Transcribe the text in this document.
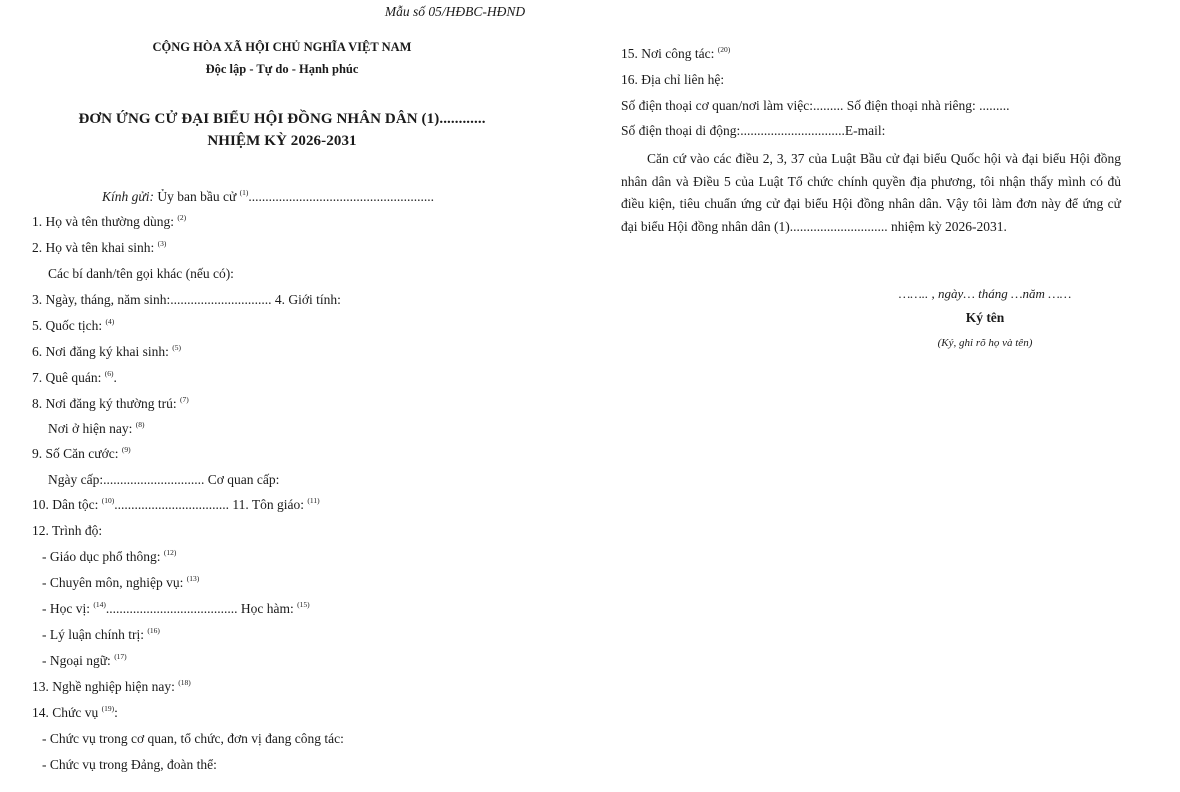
Mẫu số 05/HĐBC-HĐND
CỘNG HÒA XÃ HỘI CHỦ NGHĨA VIỆT NAM
Độc lập - Tự do - Hạnh phúc
ĐƠN ỨNG CỬ ĐẠI BIỂU HỘI ĐỒNG NHÂN DÂN (1)............
NHIỆM KỲ 2026-2031
Kính gửi: Ủy ban bầu cử $^{(1)}$.......................................................
1. Họ và tên thường dùng: $^{(2)}$
2. Họ và tên khai sinh: $^{(3)}$
Các bí danh/tên gọi khác (nếu có):
3. Ngày, tháng, năm sinh:.............................. 4. Giới tính:
5. Quốc tịch: $^{(4)}$
6. Nơi đăng ký khai sinh: $^{(5)}$
7. Quê quán: $^{(6)}$.
8. Nơi đăng ký thường trú: $^{(7)}$
Nơi ở hiện nay: $^{(8)}$
9. Số Căn cước: $^{(9)}$
Ngày cấp:.............................. Cơ quan cấp:
10. Dân tộc: $^{(10)}$.................................. 11. Tôn giáo: $^{(11)}$
12. Trình độ:
- Giáo dục phổ thông: $^{(12)}$
- Chuyên môn, nghiệp vụ: $^{(13)}$
- Học vị: $^{(14)}$....................................... Học hàm: $^{(15)}$
- Lý luận chính trị: $^{(16)}$
- Ngoại ngữ: $^{(17)}$
13. Nghề nghiệp hiện nay: $^{(18)}$
14. Chức vụ $^{(19)}$:
- Chức vụ trong cơ quan, tổ chức, đơn vị đang công tác:
- Chức vụ trong Đảng, đoàn thể:
15. Nơi công tác: $^{(20)}$
16. Địa chỉ liên hệ:
Số điện thoại cơ quan/nơi làm việc:......... Số điện thoại nhà riêng: .........
Số điện thoại di động:...............................E-mail:
Căn cứ vào các điều 2, 3, 37 của Luật Bầu cử đại biểu Quốc hội và đại biểu Hội đồng nhân dân và Điều 5 của Luật Tổ chức chính quyền địa phương, tôi nhận thấy mình có đủ điều kiện, tiêu chuẩn ứng cử đại biểu Hội đồng nhân dân. Vậy tôi làm đơn này để ứng cử đại biểu Hội đồng nhân dân (1)............................. nhiệm kỳ 2026-2031.
…….. , ngày… tháng …năm ……
Ký tên
(Ký, ghi rõ họ và tên)
